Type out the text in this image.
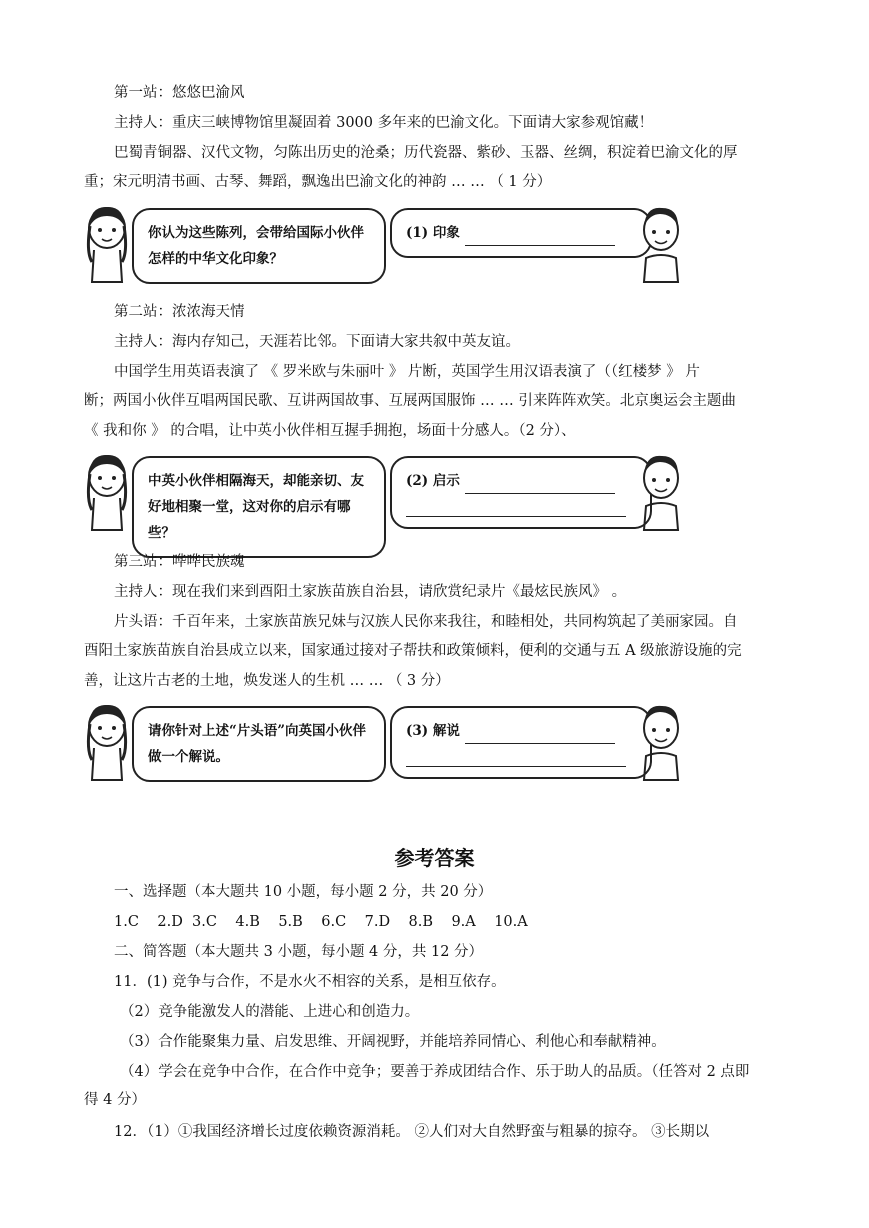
第一站：悠悠巴渝风
主持人：重庆三峡博物馆里凝固着 3000 多年来的巴渝文化。下面请大家参观馆藏！
巴蜀青铜器、汉代文物，匀陈出历史的沧桑；历代瓷器、紫砂、玉器、丝绸，积淀着巴渝文化的厚
重；宋元明清书画、古琴、舞蹈，飘逸出巴渝文化的神韵 … … （ 1 分）
你认为这些陈列，会带给国际小伙伴怎样的中华文化印象？
(1) 印象
第二站：浓浓海天情
主持人：海内存知己，天涯若比邻。下面请大家共叙中英友谊。
中国学生用英语表演了 《 罗米欧与朱丽叶 》 片断，英国学生用汉语表演了（（红楼梦 》 片
断；两国小伙伴互唱两国民歌、互讲两国故事、互展两国服饰 … … 引来阵阵欢笑。北京奥运会主题曲
《 我和你 》 的合唱，让中英小伙伴相互握手拥抱，场面十分感人。（2 分）、
中英小伙伴相隔海天，却能亲切、友好地相聚一堂，这对你的启示有哪些？
(2) 启示
第三站：哗哗民族魂
主持人：现在我们来到酉阳土家族苗族自治县，请欣赏纪录片《最炫民族风》 。
片头语：千百年来，土家族苗族兄妹与汉族人民你来我往，和睦相处，共同构筑起了美丽家园。自
酉阳土家族苗族自治县成立以来，国家通过接对子帮扶和政策倾料，便利的交通与五 A 级旅游设施的完
善，让这片古老的土地，焕发迷人的生机 … … （ 3 分）
请你针对上述“片头语”向英国小伙伴做一个解说。
(3) 解说
参考答案
一、选择题（本大题共 10 小题，每小题 2 分，共 20 分）
1.C    2.D  3.C    4.B    5.B    6.C    7.D    8.B    9.A    10.A
二、简答题（本大题共 3 小题，每小题 4 分，共 12 分）
11．(1) 竞争与合作，不是水火不相容的关系，是相互依存。
（2）竞争能激发人的潜能、上进心和创造力。
（3）合作能聚集力量、启发思维、开阔视野，并能培养同情心、利他心和奉献精神。
（4）学会在竞争中合作，在合作中竞争；要善于养成团结合作、乐于助人的品质。（任答对 2 点即
得 4 分）
12．（1）①我国经济增长过度依赖资源消耗。 ②人们对大自然野蛮与粗暴的掠夺。 ③长期以
